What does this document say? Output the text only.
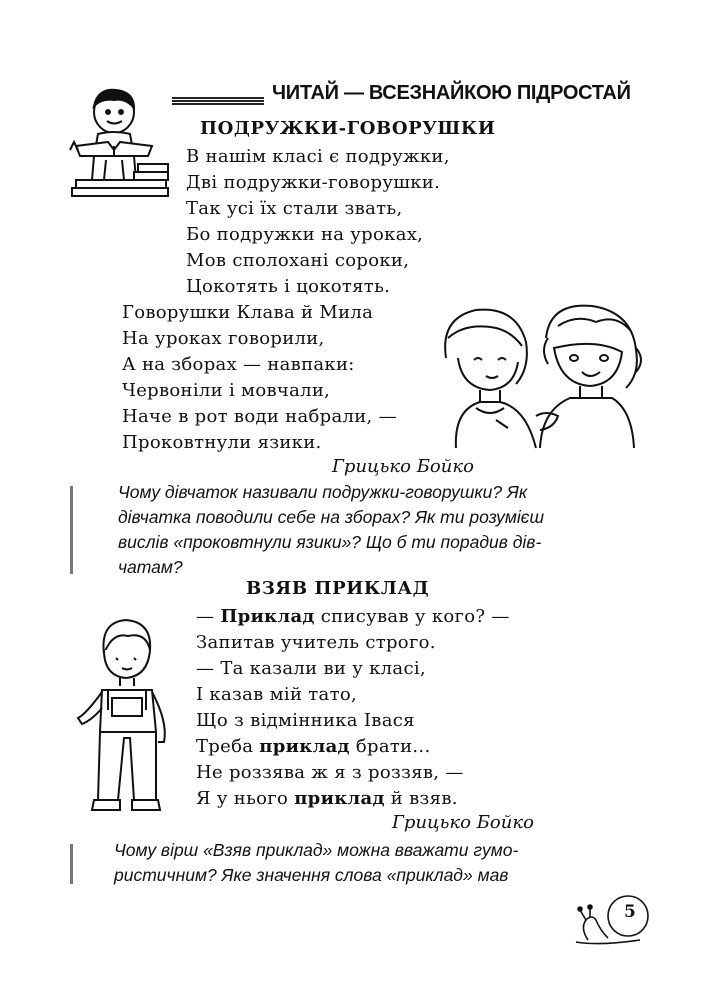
ЧИТАЙ — ВСЕЗНАЙКОЮ ПІДРОСТАЙ
ПОДРУЖКИ-ГОВОРУШКИ
В нашім класі є подружки,
Дві подружки-говорушки.
Так усі їх стали звать,
Бо подружки на уроках,
Мов сполохані сороки,
Цокотять і цокотять.
Говорушки Клава й Мила
На уроках говорили,
А на зборах — навпаки:
Червоніли і мовчали,
Наче в рот води набрали, —
Проковтнули язики.
Грицько Бойко
Чому дівчаток називали подружки-говорушки? Як
дівчатка поводили себе на зборах? Як ти розумієш
вислів «проковтнули язики»? Що б ти порадив дів-
чатам?
ВЗЯВ ПРИКЛАД
— Приклад списував у кого? —
Запитав учитель строго.
— Та казали ви у класі,
І казав мій тато,
Що з відмінника Івася
Треба приклад брати...
Не роззява ж я з роззяв, —
Я у нього приклад й взяв.
Грицько Бойко
Чому вірш «Взяв приклад» можна вважати гумо-
ристичним? Яке значення слова «приклад» мав
5
